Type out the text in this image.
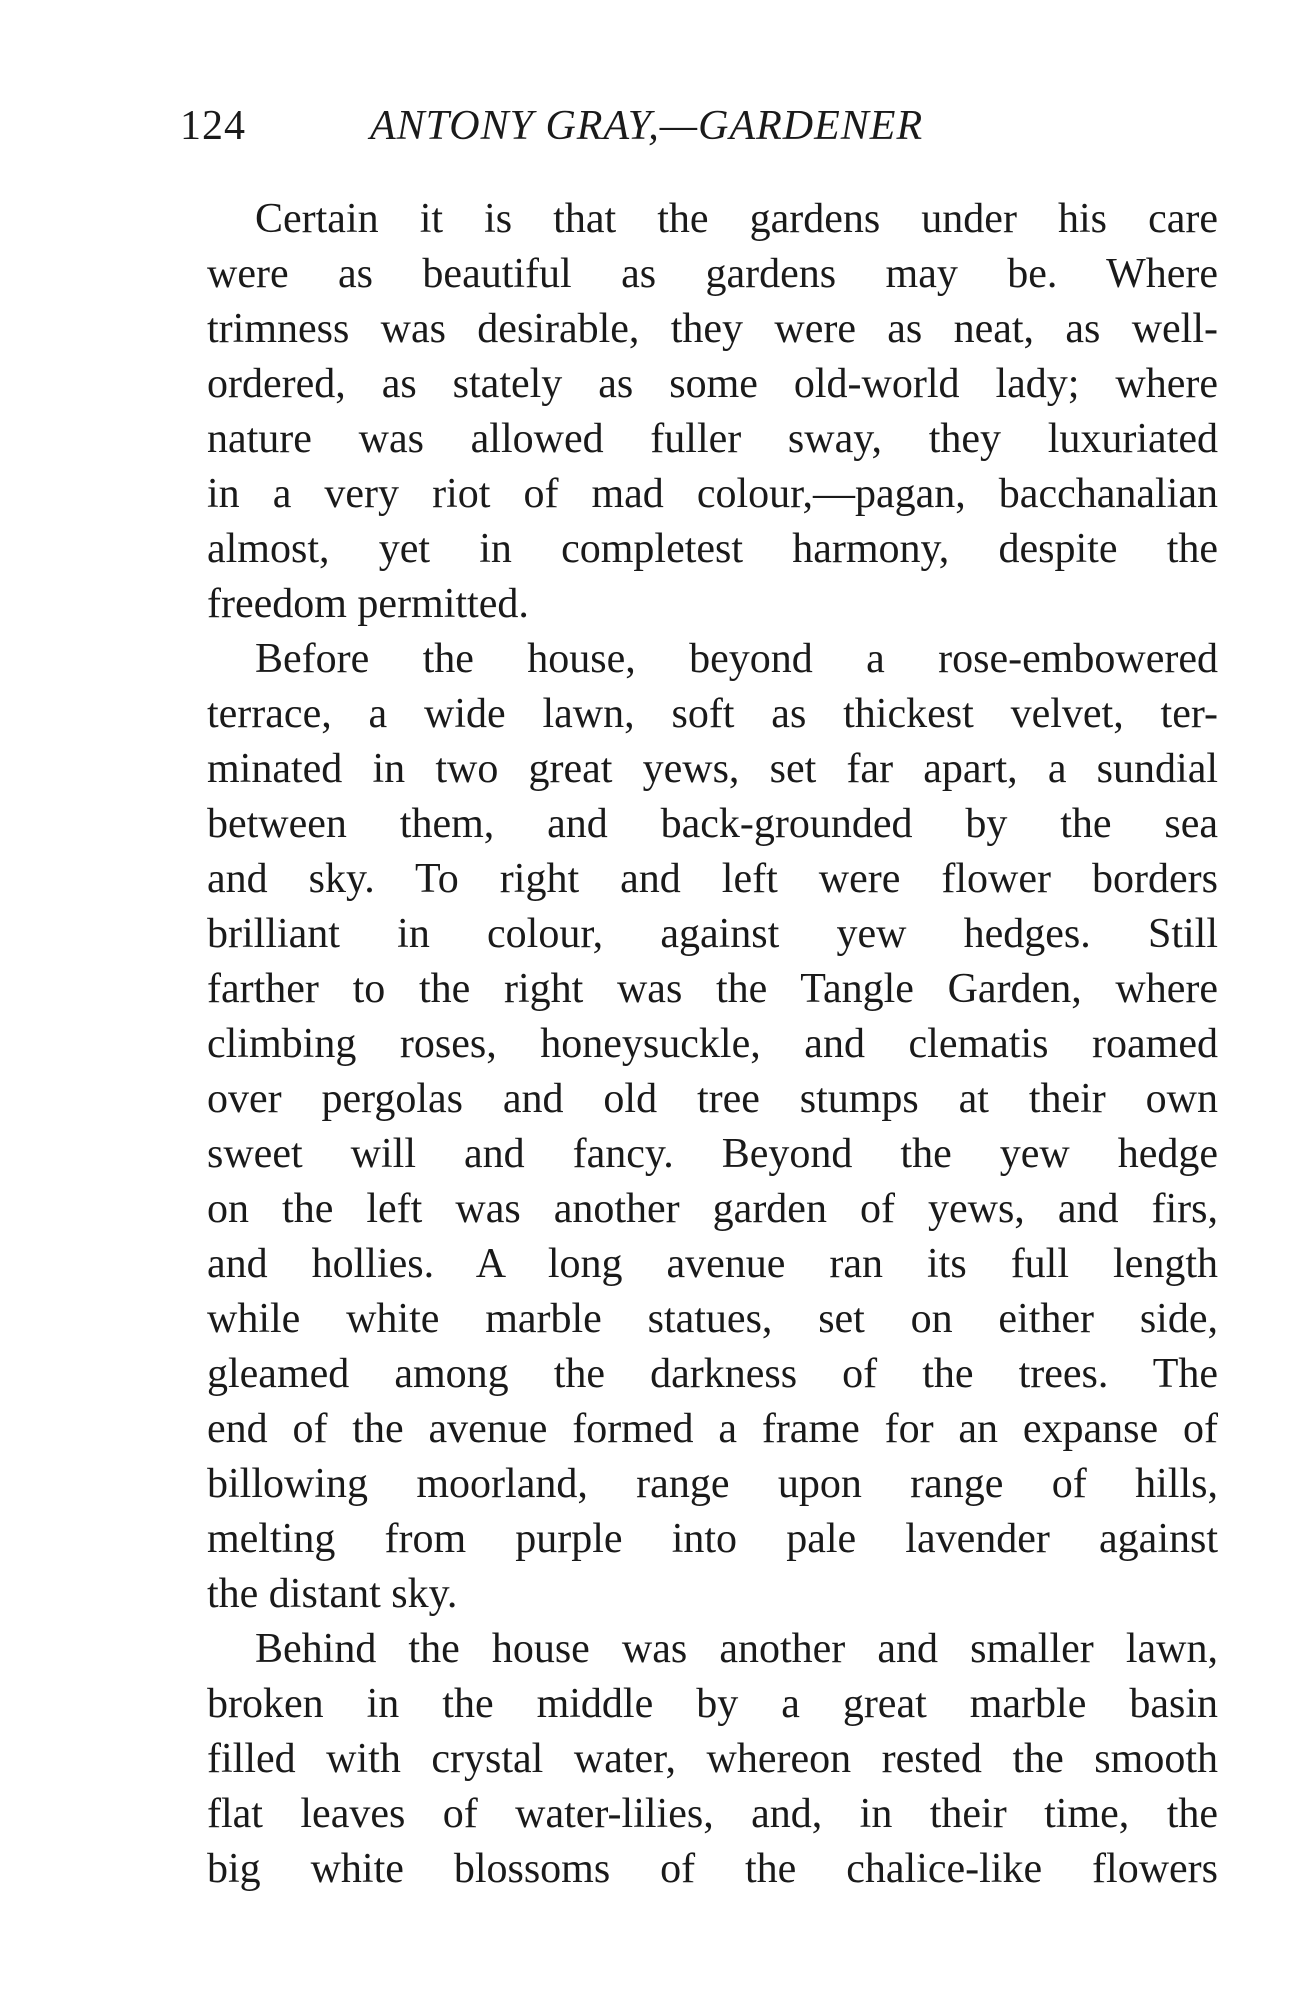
124	ANTONY GRAY,—GARDENER
Certain it is that the gardens under his care
were as beautiful as gardens may be. Where
trimness was desirable, they were as neat, as well-
ordered, as stately as some old-world lady; where
nature was allowed fuller sway, they luxuriated
in a very riot of mad colour,—pagan, bacchanalian
almost, yet in completest harmony, despite the
freedom permitted.
Before the house, beyond a rose-embowered
terrace, a wide lawn, soft as thickest velvet, ter-
minated in two great yews, set far apart, a sundial
between them, and back-grounded by the sea
and sky. To right and left were flower borders
brilliant in colour, against yew hedges. Still
farther to the right was the Tangle Garden, where
climbing roses, honeysuckle, and clematis roamed
over pergolas and old tree stumps at their own
sweet will and fancy. Beyond the yew hedge
on the left was another garden of yews, and firs,
and hollies. A long avenue ran its full length
while white marble statues, set on either side,
gleamed among the darkness of the trees. The
end of the avenue formed a frame for an expanse of
billowing moorland, range upon range of hills,
melting from purple into pale lavender against
the distant sky.
Behind the house was another and smaller lawn,
broken in the middle by a great marble basin
filled with crystal water, whereon rested the smooth
flat leaves of water-lilies, and, in their time, the
big white blossoms of the chalice-like flowers
